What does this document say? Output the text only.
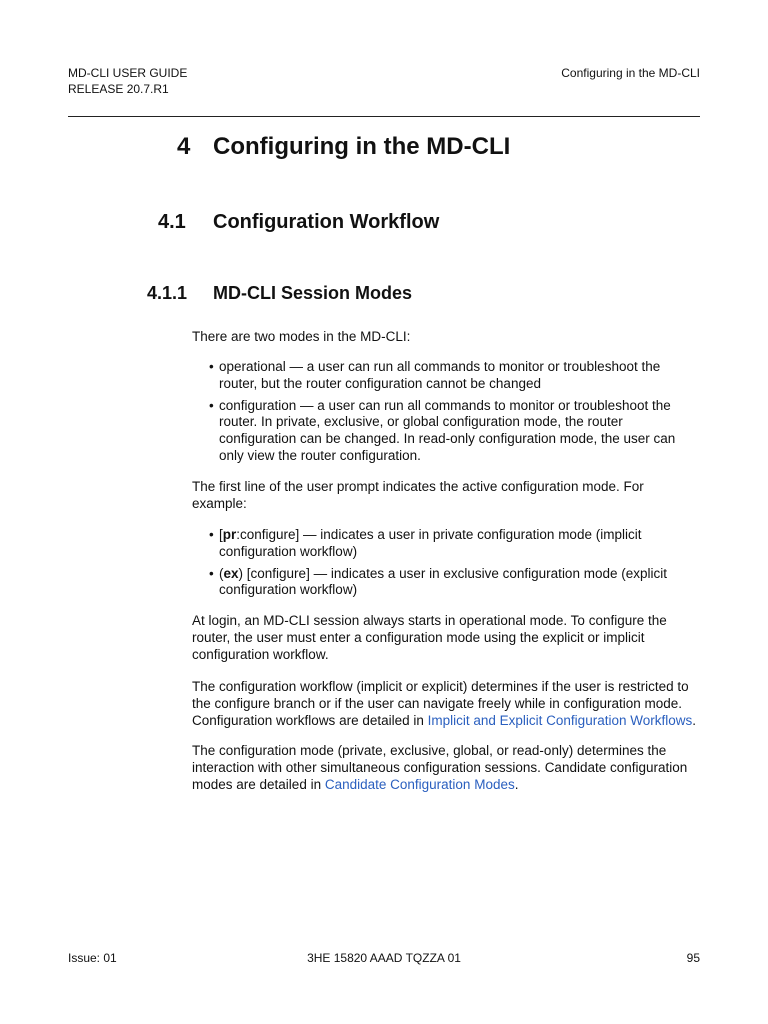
MD-CLI USER GUIDE
RELEASE 20.7.R1
Configuring in the MD-CLI
4 Configuring in the MD-CLI
4.1 Configuration Workflow
4.1.1 MD-CLI Session Modes

There are two modes in the MD-CLI:

• operational — a user can run all commands to monitor or troubleshoot the router, but the router configuration cannot be changed
• configuration — a user can run all commands to monitor or troubleshoot the router. In private, exclusive, or global configuration mode, the router configuration can be changed. In read-only configuration mode, the user can only view the router configuration.

The first line of the user prompt indicates the active configuration mode. For example:

• [pr:configure] — indicates a user in private configuration mode (implicit configuration workflow)
• (ex) [configure] — indicates a user in exclusive configuration mode (explicit configuration workflow)

At login, an MD-CLI session always starts in operational mode. To configure the router, the user must enter a configuration mode using the explicit or implicit configuration workflow.

The configuration workflow (implicit or explicit) determines if the user is restricted to the configure branch or if the user can navigate freely while in configuration mode. Configuration workflows are detailed in Implicit and Explicit Configuration Workflows.

The configuration mode (private, exclusive, global, or read-only) determines the interaction with other simultaneous configuration sessions. Candidate configuration modes are detailed in Candidate Configuration Modes.

Issue: 01	3HE 15820 AAAD TQZZA 01	95
